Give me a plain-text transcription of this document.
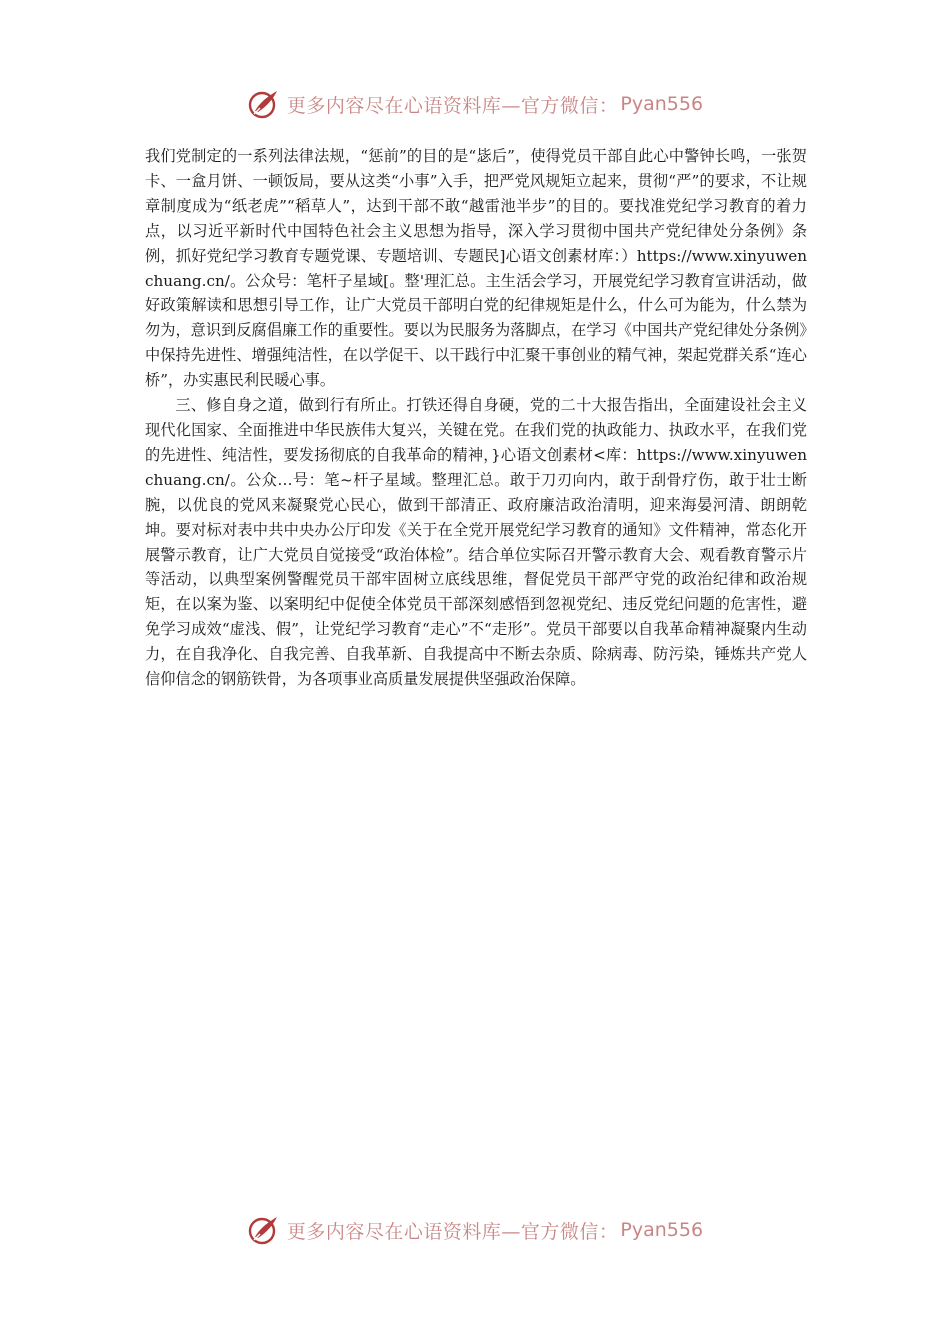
更多内容尽在心语资料库—官方微信： Pyan556

我们党制定的一系列法律法规，“惩前”的目的是“毖后”，使得党员干部自此心中警钟长鸣，一张贺卡、一盒月饼、一顿饭局，要从这类“小事”入手，把严党风规矩立起来，贯彻“严”的要求，不让规章制度成为“纸老虎”“稻草人”，达到干部不敢“越雷池半步”的目的。要找准党纪学习教育的着力点，以习近平新时代中国特色社会主义思想为指导，深入学习贯彻中国共产党纪律处分条例》条例，抓好党纪学习教育专题党课、专题培训、专题民]心语文创素材库：）https://www.xinyuwenchuang.cn/。公众号：笔杆子星域[。整'理汇总。主生活会学习，开展党纪学习教育宣讲活动，做好政策解读和思想引导工作，让广大党员干部明白党的纪律规矩是什么，什么可为能为，什么禁为勿为，意识到反腐倡廉工作的重要性。要以为民服务为落脚点，在学习《中国共产党纪律处分条例》中保持先进性、增强纯洁性，在以学促干、以干践行中汇聚干事创业的精气神，架起党群关系“连心桥”，办实惠民利民暖心事。

三、修自身之道，做到行有所止。打铁还得自身硬，党的二十大报告指出，全面建设社会主义现代化国家、全面推进中华民族伟大复兴，关键在党。在我们党的执政能力、执政水平，在我们党的先进性、纯洁性，要发扬彻底的自我革命的精神，}心语文创素材<库：https://www.xinyuwenchuang.cn/。公众…号：笔~杆子星域。整理汇总。敢于刀刃向内，敢于刮骨疗伤，敢于壮士断腕，以优良的党风来凝聚党心民心，做到干部清正、政府廉洁政治清明，迎来海晏河清、朗朗乾坤。要对标对表中共中央办公厅印发《关于在全党开展党纪学习教育的通知》文件精神，常态化开展警示教育，让广大党员自觉接受“政治体检”。结合单位实际召开警示教育大会、观看教育警示片等活动，以典型案例警醒党员干部牢固树立底线思维，督促党员干部严守党的政治纪律和政治规矩，在以案为鉴、以案明纪中促使全体党员干部深刻感悟到忽视党纪、违反党纪问题的危害性，避免学习成效“虚浅、假”，让党纪学习教育“走心”不“走形”。党员干部要以自我革命精神凝聚内生动力，在自我净化、自我完善、自我革新、自我提高中不断去杂质、除病毒、防污染，锤炼共产党人信仰信念的钢筋铁骨，为各项事业高质量发展提供坚强政治保障。

更多内容尽在心语资料库—官方微信： Pyan556
